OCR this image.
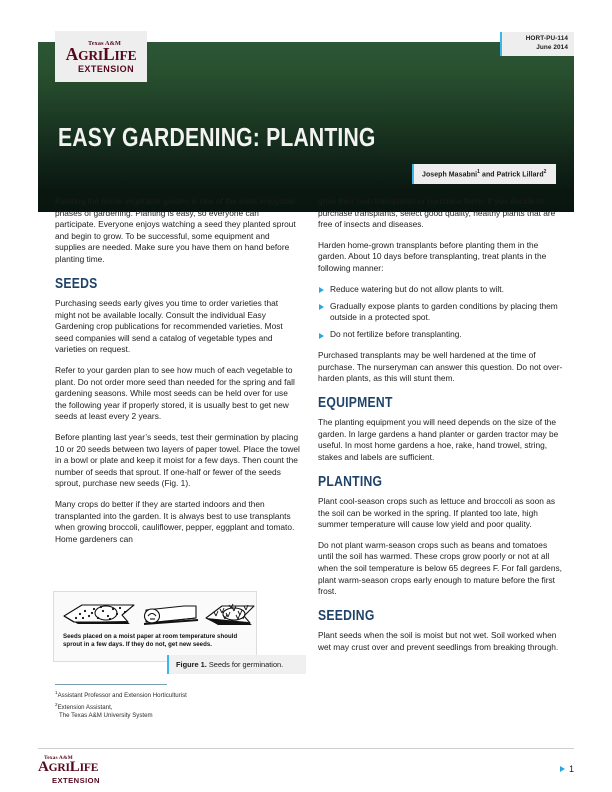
Texas A&M
AGRILIFE
EXTENSION
HORT-PU-114
June 2014
EASY GARDENING: PLANTING
Joseph Masabni$^1$ and Patrick Lillard$^2$

Planting the home vegetable garden is one of the most enjoyable phases of gardening. Planting is easy, so everyone can participate. Everyone enjoys watching a seed they planted sprout and begin to grow. To be successful, some equipment and supplies are needed. Make sure you have them on hand before planting time.

SEEDS

Purchasing seeds early gives you time to order varieties that might not be available locally. Consult the individual Easy Gardening crop publications for recommended varieties. Most seed companies will send a catalog of vegetable types and varieties on request.

Refer to your garden plan to see how much of each vegetable to plant. Do not order more seed than needed for the spring and fall gardening seasons. While most seeds can be held over for use the following year if properly stored, it is usually best to get new seeds at least every 2 years.

Before planting last year’s seeds, test their germination by placing 10 or 20 seeds between two layers of paper towel. Place the towel in a bowl or plate and keep it moist for a few days. Then count the number of seeds that sprout. If one-half or fewer of the seeds sprout, purchase new seeds (Fig. 1).

Many crops do better if they are started indoors and then transplanted into the garden. It is always best to use transplants when growing broccoli, cauliflower, pepper, eggplant and tomato. Home gardeners can

Seeds placed on a moist paper at room temperature should sprout in a few days. If they do not, get new seeds.
Figure 1. Seeds for germination.

$^1$Assistant Professor and Extension Horticulturist

$^2$Extension Assistant,

The Texas A&M University System

grow their own transplants or purchase them. If you decide to purchase transplants, select good quality, healthy plants that are free of insects and diseases.

Harden home-grown transplants before planting them in the garden. About 10 days before transplanting, treat plants in the following manner:

Reduce watering but do not allow plants to wilt.
Gradually expose plants to garden conditions by placing them outside in a protected spot.
Do not fertilize before transplanting.

Purchased transplants may be well hardened at the time of purchase. The nurseryman can answer this question. Do not over-harden plants, as this will stunt them.

EQUIPMENT

The planting equipment you will need depends on the size of the garden. In large gardens a hand planter or garden tractor may be useful. In most home gardens a hoe, rake, hand trowel, string, stakes and labels are sufficient.

PLANTING

Plant cool-season crops such as lettuce and broccoli as soon as the soil can be worked in the spring. If planted too late, high summer temperature will cause low yield and poor quality.

Do not plant warm-season crops such as beans and tomatoes until the soil has warmed. These crops grow poorly or not at all when the soil temperature is below 65 degrees F. For fall gardens, plant warm-season crops early enough to mature before the first frost.

SEEDING

Plant seeds when the soil is moist but not wet. Soil worked when wet may crust over and prevent seedlings from breaking through.

Texas A&M
AGRILIFE
EXTENSION
1
